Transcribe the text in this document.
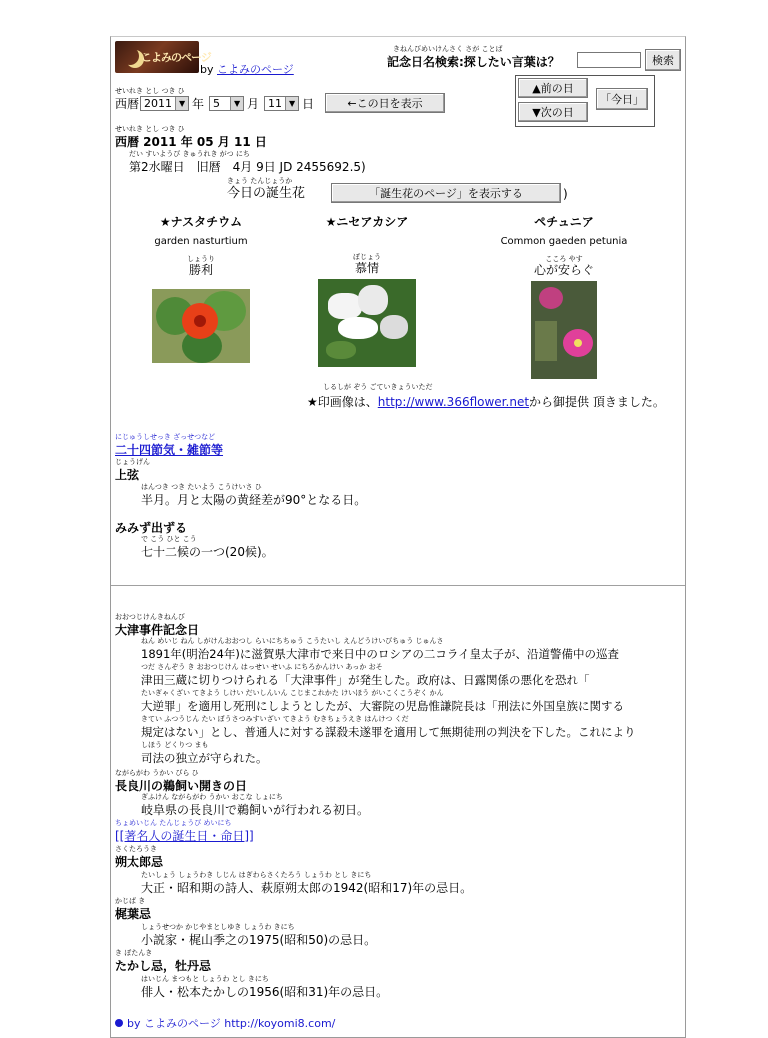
こよみのページ
by こよみのページ
きねんびめいけんさく さが ことば
記念日名検索:探したい言葉は？	検索
せいれき とし つき ひ
西暦 2011 ▼ 年 5	▼ 月 11 ▼ 日	←この日を表示
▲前の日
▼次の日
「今日」
せいれき とし つき ひ
西暦 2011 年 05 月 11 日
だい すいようび きゅうれき がつ にち
第2水曜日　旧暦　4月 9日 JD 2455692.5)
きょう たんじょうか
今日の誕生花	「誕生花のページ」を表示する	)
★ナスタチウム
garden nasturtium
しょうり
勝利
★ニセアカシア
ぼじょう
慕情
ペチュニア
Common gaeden petunia
こころ やす
心が安らぐ
しるしが ぞう ごていきょういただ
★印画像は、http://www.366flower.netから御提供 頂きました。
にじゅうしせっき ざっせつなど
二十四節気・雑節等
じょうげん
上弦
はんつき つき たいよう こうけいさ ひ
半月。月と太陽の黄経差が90°となる日。
みみず出ずる
で こう ひと こう
七十二候の一つ(20候)。
おおつじけんきねんび
大津事件記念日
ねん めいじ ねん しがけんおおつし らいにちちゅう こうたいし えんどうけいびちゅう じゅんさ
1891年(明治24年)に滋賀県大津市で来日中のロシアの二コライ皇太子が、沿道警備中の巡査
つだ さんぞう き おおつじけん はっせい せいふ にちろかんけい あっか おそ
津田三蔵に切りつけられる「大津事件」が発生した。政府は、日露関係の悪化を恐れ「
たいぎゃくざい てきよう しけい だいしんいん こじまこれかた けいほう がいこくこうぞく かん
大逆罪」を適用し死刑にしようとしたが、大審院の児島惟謙院長は「刑法に外国皇族に関する
きてい ふつうじん たい ぼうさつみすいざい てきよう むきちょうえき はんけつ くだ
規定はない」とし、普通人に対する謀殺未遂罪を適用して無期徒刑の判決を下した。これにより
しほう どくりつ まも
司法の独立が守られた。
ながらがわ うかい びら ひ
長良川の鵜飼い開きの日
ぎふけん ながらがわ うかい おこな しょにち
岐阜県の長良川で鵜飼いが行われる初日。
ちょめいじん たんじょうび めいにち
[[著名人の誕生日・命日]]
さくたろうき
朔太郎忌
たいしょう しょうわき しじん はぎわらさくたろう しょうわ とし きにち
大正・昭和期の詩人、萩原朔太郎の1942(昭和17)年の忌日。
かじば き
梶葉忌
しょうせつか かじやまとしゆき しょうわ きにち
小説家・梶山季之の1975(昭和50)の忌日。
き ぼたんき
たかし忌，牡丹忌
はいじん まつもと しょうわ とし きにち
俳人・松本たかしの1956(昭和31)年の忌日。
by こよみのページ http://koyomi8.com/
